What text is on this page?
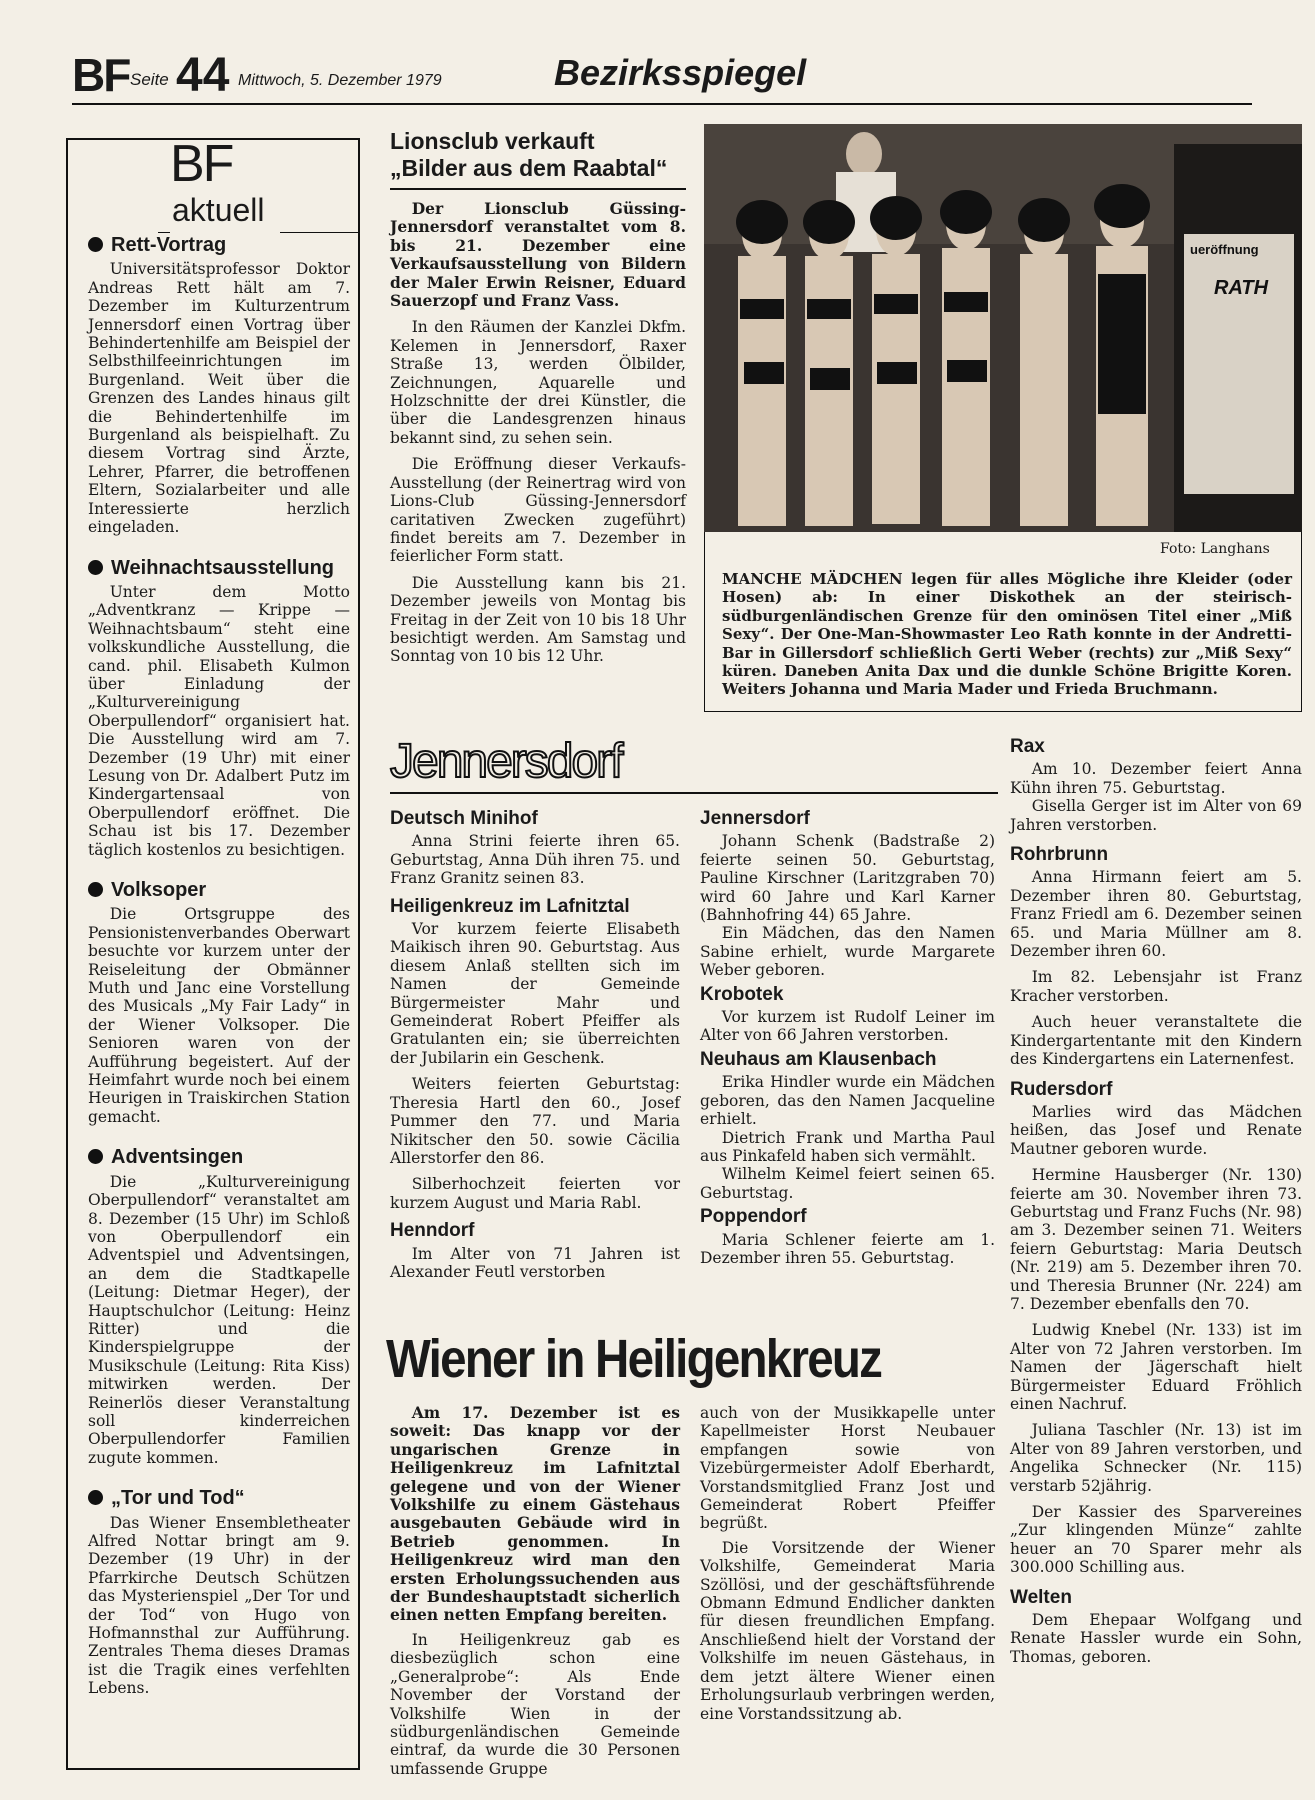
BF Seite 44 Mittwoch, 5. Dezember 1979	Bezirksspiegel
BF
aktuell
Rett-Vortrag

Universitätsprofessor Doktor Andreas Rett hält am 7. Dezember im Kulturzentrum Jennersdorf einen Vortrag über Behindertenhilfe am Beispiel der Selbsthilfeeinrichtungen im Burgenland. Weit über die Grenzen des Landes hinaus gilt die Behindertenhilfe im Burgenland als beispielhaft. Zu diesem Vortrag sind Ärzte, Lehrer, Pfarrer, die betroffenen Eltern, Sozialarbeiter und alle Interessierte herzlich eingeladen.

Weihnachtsausstellung

Unter dem Motto „Adventkranz — Krippe — Weihnachtsbaum“ steht eine volkskundliche Ausstellung, die cand. phil. Elisabeth Kulmon über Einladung der „Kulturvereinigung Oberpullendorf“ organisiert hat. Die Ausstellung wird am 7. Dezember (19 Uhr) mit einer Lesung von Dr. Adalbert Putz im Kindergartensaal von Oberpullendorf eröffnet. Die Schau ist bis 17. Dezember täglich kostenlos zu besichtigen.

Volksoper

Die Ortsgruppe des Pensionistenverbandes Oberwart besuchte vor kurzem unter der Reiseleitung der Obmänner Muth und Janc eine Vorstellung des Musicals „My Fair Lady“ in der Wiener Volksoper. Die Senioren waren von der Aufführung begeistert. Auf der Heimfahrt wurde noch bei einem Heurigen in Traiskirchen Station gemacht.

Adventsingen

Die „Kulturvereinigung Oberpullendorf“ veranstaltet am 8. Dezember (15 Uhr) im Schloß von Oberpullendorf ein Adventspiel und Adventsingen, an dem die Stadtkapelle (Leitung: Dietmar Heger), der Hauptschulchor (Leitung: Heinz Ritter) und die Kinderspielgruppe der Musikschule (Leitung: Rita Kiss) mitwirken werden. Der Reinerlös dieser Veranstaltung soll kinderreichen Oberpullendorfer Familien zugute kommen.

„Tor und Tod“

Das Wiener Ensembletheater Alfred Nottar bringt am 9. Dezember (19 Uhr) in der Pfarrkirche Deutsch Schützen das Mysterienspiel „Der Tor und der Tod“ von Hugo von Hofmannsthal zur Aufführung. Zentrales Thema dieses Dramas ist die Tragik eines verfehlten Lebens.

Lionsclub verkauft
„Bilder aus dem Raabtal“

Der Lionsclub Güssing-Jennersdorf veranstaltet vom 8. bis 21. Dezember eine Verkaufsausstellung von Bildern der Maler Erwin Reisner, Eduard Sauerzopf und Franz Vass.

In den Räumen der Kanzlei Dkfm. Kelemen in Jennersdorf, Raxer Straße 13, werden Ölbilder, Zeichnungen, Aquarelle und Holzschnitte der drei Künstler, die über die Landesgrenzen hinaus bekannt sind, zu sehen sein.

Die Eröffnung dieser Verkaufs-Ausstellung (der Reinertrag wird von Lions-Club Güssing-Jennersdorf caritativen Zwecken zugeführt) findet bereits am 7. Dezember in feierlicher Form statt.

Die Ausstellung kann bis 21. Dezember jeweils von Montag bis Freitag in der Zeit von 10 bis 18 Uhr besichtigt werden. Am Samstag und Sonntag von 10 bis 12 Uhr.

ueröffnung
RATH
Foto: Langhans

MANCHE MÄDCHEN legen für alles Mögliche ihre Kleider (oder Hosen) ab: In einer Diskothek an der steirisch-südburgenländischen Grenze für den ominösen Titel einer „Miß Sexy“. Der One-Man-Showmaster Leo Rath konnte in der Andretti-Bar in Gillersdorf schließlich Gerti Weber (rechts) zur „Miß Sexy“ küren. Daneben Anita Dax und die dunkle Schöne Brigitte Koren. Weiters Johanna und Maria Mader und Frieda Bruchmann.

Jennersdorf
Deutsch Minihof

Anna Strini feierte ihren 65. Geburtstag, Anna Düh ihren 75. und Franz Granitz seinen 83.

Heiligenkreuz im Lafnitztal

Vor kurzem feierte Elisabeth Maikisch ihren 90. Geburtstag. Aus diesem Anlaß stellten sich im Namen der Gemeinde Bürgermeister Mahr und Gemeinderat Robert Pfeiffer als Gratulanten ein; sie überreichten der Jubilarin ein Geschenk.

Weiters feierten Geburtstag: Theresia Hartl den 60., Josef Pummer den 77. und Maria Nikitscher den 50. sowie Cäcilia Allerstorfer den 86.

Silberhochzeit feierten vor kurzem August und Maria Rabl.

Henndorf

Im Alter von 71 Jahren ist Alexander Feutl verstorben

Jennersdorf

Johann Schenk (Badstraße 2) feierte seinen 50. Geburtstag, Pauline Kirschner (Laritzgraben 70) wird 60 Jahre und Karl Karner (Bahnhofring 44) 65 Jahre.

Ein Mädchen, das den Namen Sabine erhielt, wurde Margarete Weber geboren.

Krobotek

Vor kurzem ist Rudolf Leiner im Alter von 66 Jahren verstorben.

Neuhaus am Klausenbach

Erika Hindler wurde ein Mädchen geboren, das den Namen Jacqueline erhielt.

Dietrich Frank und Martha Paul aus Pinkafeld haben sich vermählt.

Wilhelm Keimel feiert seinen 65. Geburtstag.

Poppendorf

Maria Schlener feierte am 1. Dezember ihren 55. Geburtstag.

Rax

Am 10. Dezember feiert Anna Kühn ihren 75. Geburtstag.

Gisella Gerger ist im Alter von 69 Jahren verstorben.

Rohrbrunn

Anna Hirmann feiert am 5. Dezember ihren 80. Geburtstag, Franz Friedl am 6. Dezember seinen 65. und Maria Müllner am 8. Dezember ihren 60.

Im 82. Lebensjahr ist Franz Kracher verstorben.

Auch heuer veranstaltete die Kindergartentante mit den Kindern des Kindergartens ein Laternenfest.

Rudersdorf

Marlies wird das Mädchen heißen, das Josef und Renate Mautner geboren wurde.

Hermine Hausberger (Nr. 130) feierte am 30. November ihren 73. Geburtstag und Franz Fuchs (Nr. 98) am 3. Dezember seinen 71. Weiters feiern Geburtstag: Maria Deutsch (Nr. 219) am 5. Dezember ihren 70. und Theresia Brunner (Nr. 224) am 7. Dezember ebenfalls den 70.

Ludwig Knebel (Nr. 133) ist im Alter von 72 Jahren verstorben. Im Namen der Jägerschaft hielt Bürgermeister Eduard Fröhlich einen Nachruf.

Juliana Taschler (Nr. 13) ist im Alter von 89 Jahren verstorben, und Angelika Schnecker (Nr. 115) verstarb 52jährig.

Der Kassier des Sparvereines „Zur klingenden Münze“ zahlte heuer an 70 Sparer mehr als 300.000 Schilling aus.

Welten

Dem Ehepaar Wolfgang und Renate Hassler wurde ein Sohn, Thomas, geboren.

Wiener in Heiligenkreuz

Am 17. Dezember ist es soweit: Das knapp vor der ungarischen Grenze in Heiligenkreuz im Lafnitztal gelegene und von der Wiener Volkshilfe zu einem Gästehaus ausgebauten Gebäude wird in Betrieb genommen. In Heiligenkreuz wird man den ersten Erholungssuchenden aus der Bundeshauptstadt sicherlich einen netten Empfang bereiten.

In Heiligenkreuz gab es diesbezüglich schon eine „Generalprobe“: Als Ende November der Vorstand der Volkshilfe Wien in der südburgenländischen Gemeinde eintraf, da wurde die 30 Personen umfassende Gruppe

auch von der Musikkapelle unter Kapellmeister Horst Neubauer empfangen sowie von Vizebürgermeister Adolf Eberhardt, Vorstandsmitglied Franz Jost und Gemeinderat Robert Pfeiffer begrüßt.

Die Vorsitzende der Wiener Volkshilfe, Gemeinderat Maria Szöllösi, und der geschäftsführende Obmann Edmund Endlicher dankten für diesen freundlichen Empfang. Anschließend hielt der Vorstand der Volkshilfe im neuen Gästehaus, in dem jetzt ältere Wiener einen Erholungsurlaub verbringen werden, eine Vorstandssitzung ab.
